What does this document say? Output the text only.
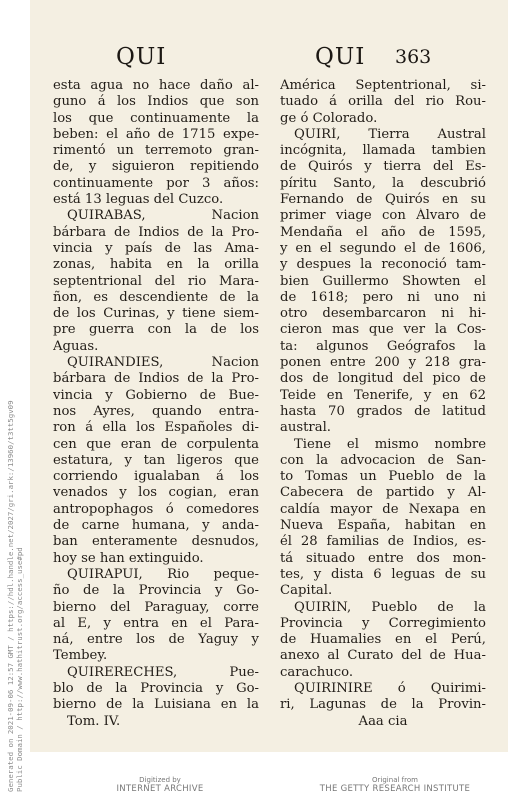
QUI	QUI 363
esta agua no hace daño al-
guno á los Indios que son
los que continuamente la
beben: el año de 1715 expe-
rimentó un terremoto gran-
de, y siguieron repitiendo
continuamente por 3 años:
está 13 leguas del Cuzco.
QUIRABAS, Nacion
bárbara de Indios de la Pro-
vincia y país de las Ama-
zonas, habita en la orilla
septentrional del rio Mara-
ñon, es descendiente de la
de los Curinas, y tiene siem-
pre guerra con la de los
Aguas.
QUIRANDIES, Nacion
bárbara de Indios de la Pro-
vincia y Gobierno de Bue-
nos Ayres, quando entra-
ron á ella los Españoles di-
cen que eran de corpulenta
estatura, y tan ligeros que
corriendo igualaban á los
venados y los cogian, eran
antropophagos ó comedores
de carne humana, y anda-
ban enteramente desnudos,
hoy se han extinguido.
QUIRAPUI, Rio peque-
ño de la Provincia y Go-
bierno del Paraguay, corre
al E, y entra en el Para-
ná, entre los de Yaguy y
Tembey.
QUIRERECHES, Pue-
blo de la Provincia y Go-
bierno de la Luisiana en la
Tom. IV.
América Septentrional, si-
tuado á orilla del rio Rou-
ge ó Colorado.
QUIRÍ, Tierra Austral
incógnita, llamada tambien
de Quirós y tierra del Es-
píritu Santo, la descubrió
Fernando de Quirós en su
primer viage con Álvaro de
Mendaña el año de 1595,
y en el segundo el de 1606,
y despues la reconoció tam-
bien Guillermo Showten el
de 1618; pero ni uno ni
otro desembarcaron ni hi-
cieron mas que ver la Cos-
ta: algunos Geógrafos la
ponen entre 200 y 218 gra-
dos de longitud del pico de
Teide en Tenerife, y en 62
hasta 70 grados de latitud
austral.
Tiene el mismo nombre
con la advocacion de San-
to Tomas un Pueblo de la
Cabecera de partido y Al-
caldía mayor de Nexapa en
Nueva España, habitan en
él 28 familias de Indios, es-
tá situado entre dos mon-
tes, y dista 6 leguas de su
Capital.
QUIRÍN, Pueblo de la
Provincia y Corregimiento
de Huamalies en el Perú,
anexo al Curato del de Hua-
carachuco.
QUIRINIRE ó Quirimi-
ri, Lagunas de la Provin-
Aaa cia
Generated on 2021-09-06 12:57 GMT / https://hdl.handle.net/2027/gri.ark:/13960/t3tt5gv09 Public Domain / http://www.hathitrust.org/access_use#pd	Digitized by
INTERNET ARCHIVE
Original from
THE GETTY RESEARCH INSTITUTE
